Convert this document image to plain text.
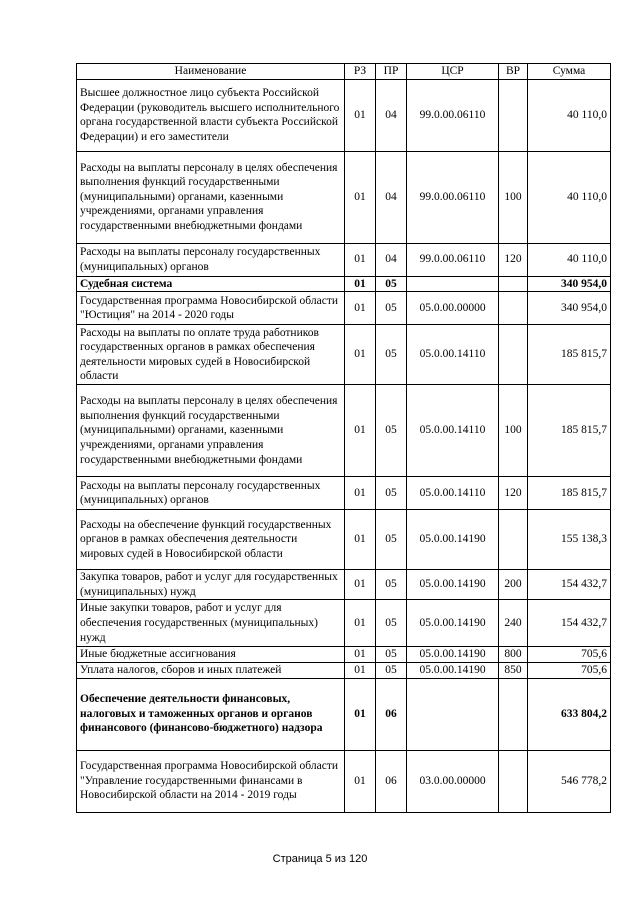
Наименование	РЗ	ПР	ЦСР	ВР	Сумма
Высшее должностное лицо субъекта Российской Федерации (руководитель высшего исполнительного органа государственной власти субъекта Российской Федерации) и его заместители	01	04	99.0.00.06110		40 110,0
Расходы на выплаты персоналу в целях обеспечения выполнения функций государственными (муниципальными) органами, казенными учреждениями, органами управления государственными внебюджетными фондами	01	04	99.0.00.06110	100	40 110,0
Расходы на выплаты персоналу государственных (муниципальных) органов	01	04	99.0.00.06110	120	40 110,0
Судебная система	01	05			340 954,0
Государственная программа Новосибирской области "Юстиция" на 2014 - 2020 годы	01	05	05.0.00.00000		340 954,0
Расходы на выплаты по оплате труда работников государственных органов в рамках обеспечения деятельности мировых судей в Новосибирской области	01	05	05.0.00.14110		185 815,7
Расходы на выплаты персоналу в целях обеспечения выполнения функций государственными (муниципальными) органами, казенными учреждениями, органами управления государственными внебюджетными фондами	01	05	05.0.00.14110	100	185 815,7
Расходы на выплаты персоналу государственных (муниципальных) органов	01	05	05.0.00.14110	120	185 815,7
Расходы на обеспечение функций государственных органов в рамках обеспечения деятельности мировых судей в Новосибирской области	01	05	05.0.00.14190		155 138,3
Закупка товаров, работ и услуг для государственных (муниципальных) нужд	01	05	05.0.00.14190	200	154 432,7
Иные закупки товаров, работ и услуг для обеспечения государственных (муниципальных) нужд	01	05	05.0.00.14190	240	154 432,7
Иные бюджетные ассигнования	01	05	05.0.00.14190	800	705,6
Уплата налогов, сборов и иных платежей	01	05	05.0.00.14190	850	705,6
Обеспечение деятельности финансовых, налоговых и таможенных органов и органов финансового (финансово-бюджетного) надзора	01	06			633 804,2
Государственная программа Новосибирской области "Управление государственными финансами в Новосибирской области на 2014 - 2019 годы	01	06	03.0.00.00000		546 778,2
Страница 5 из 120
